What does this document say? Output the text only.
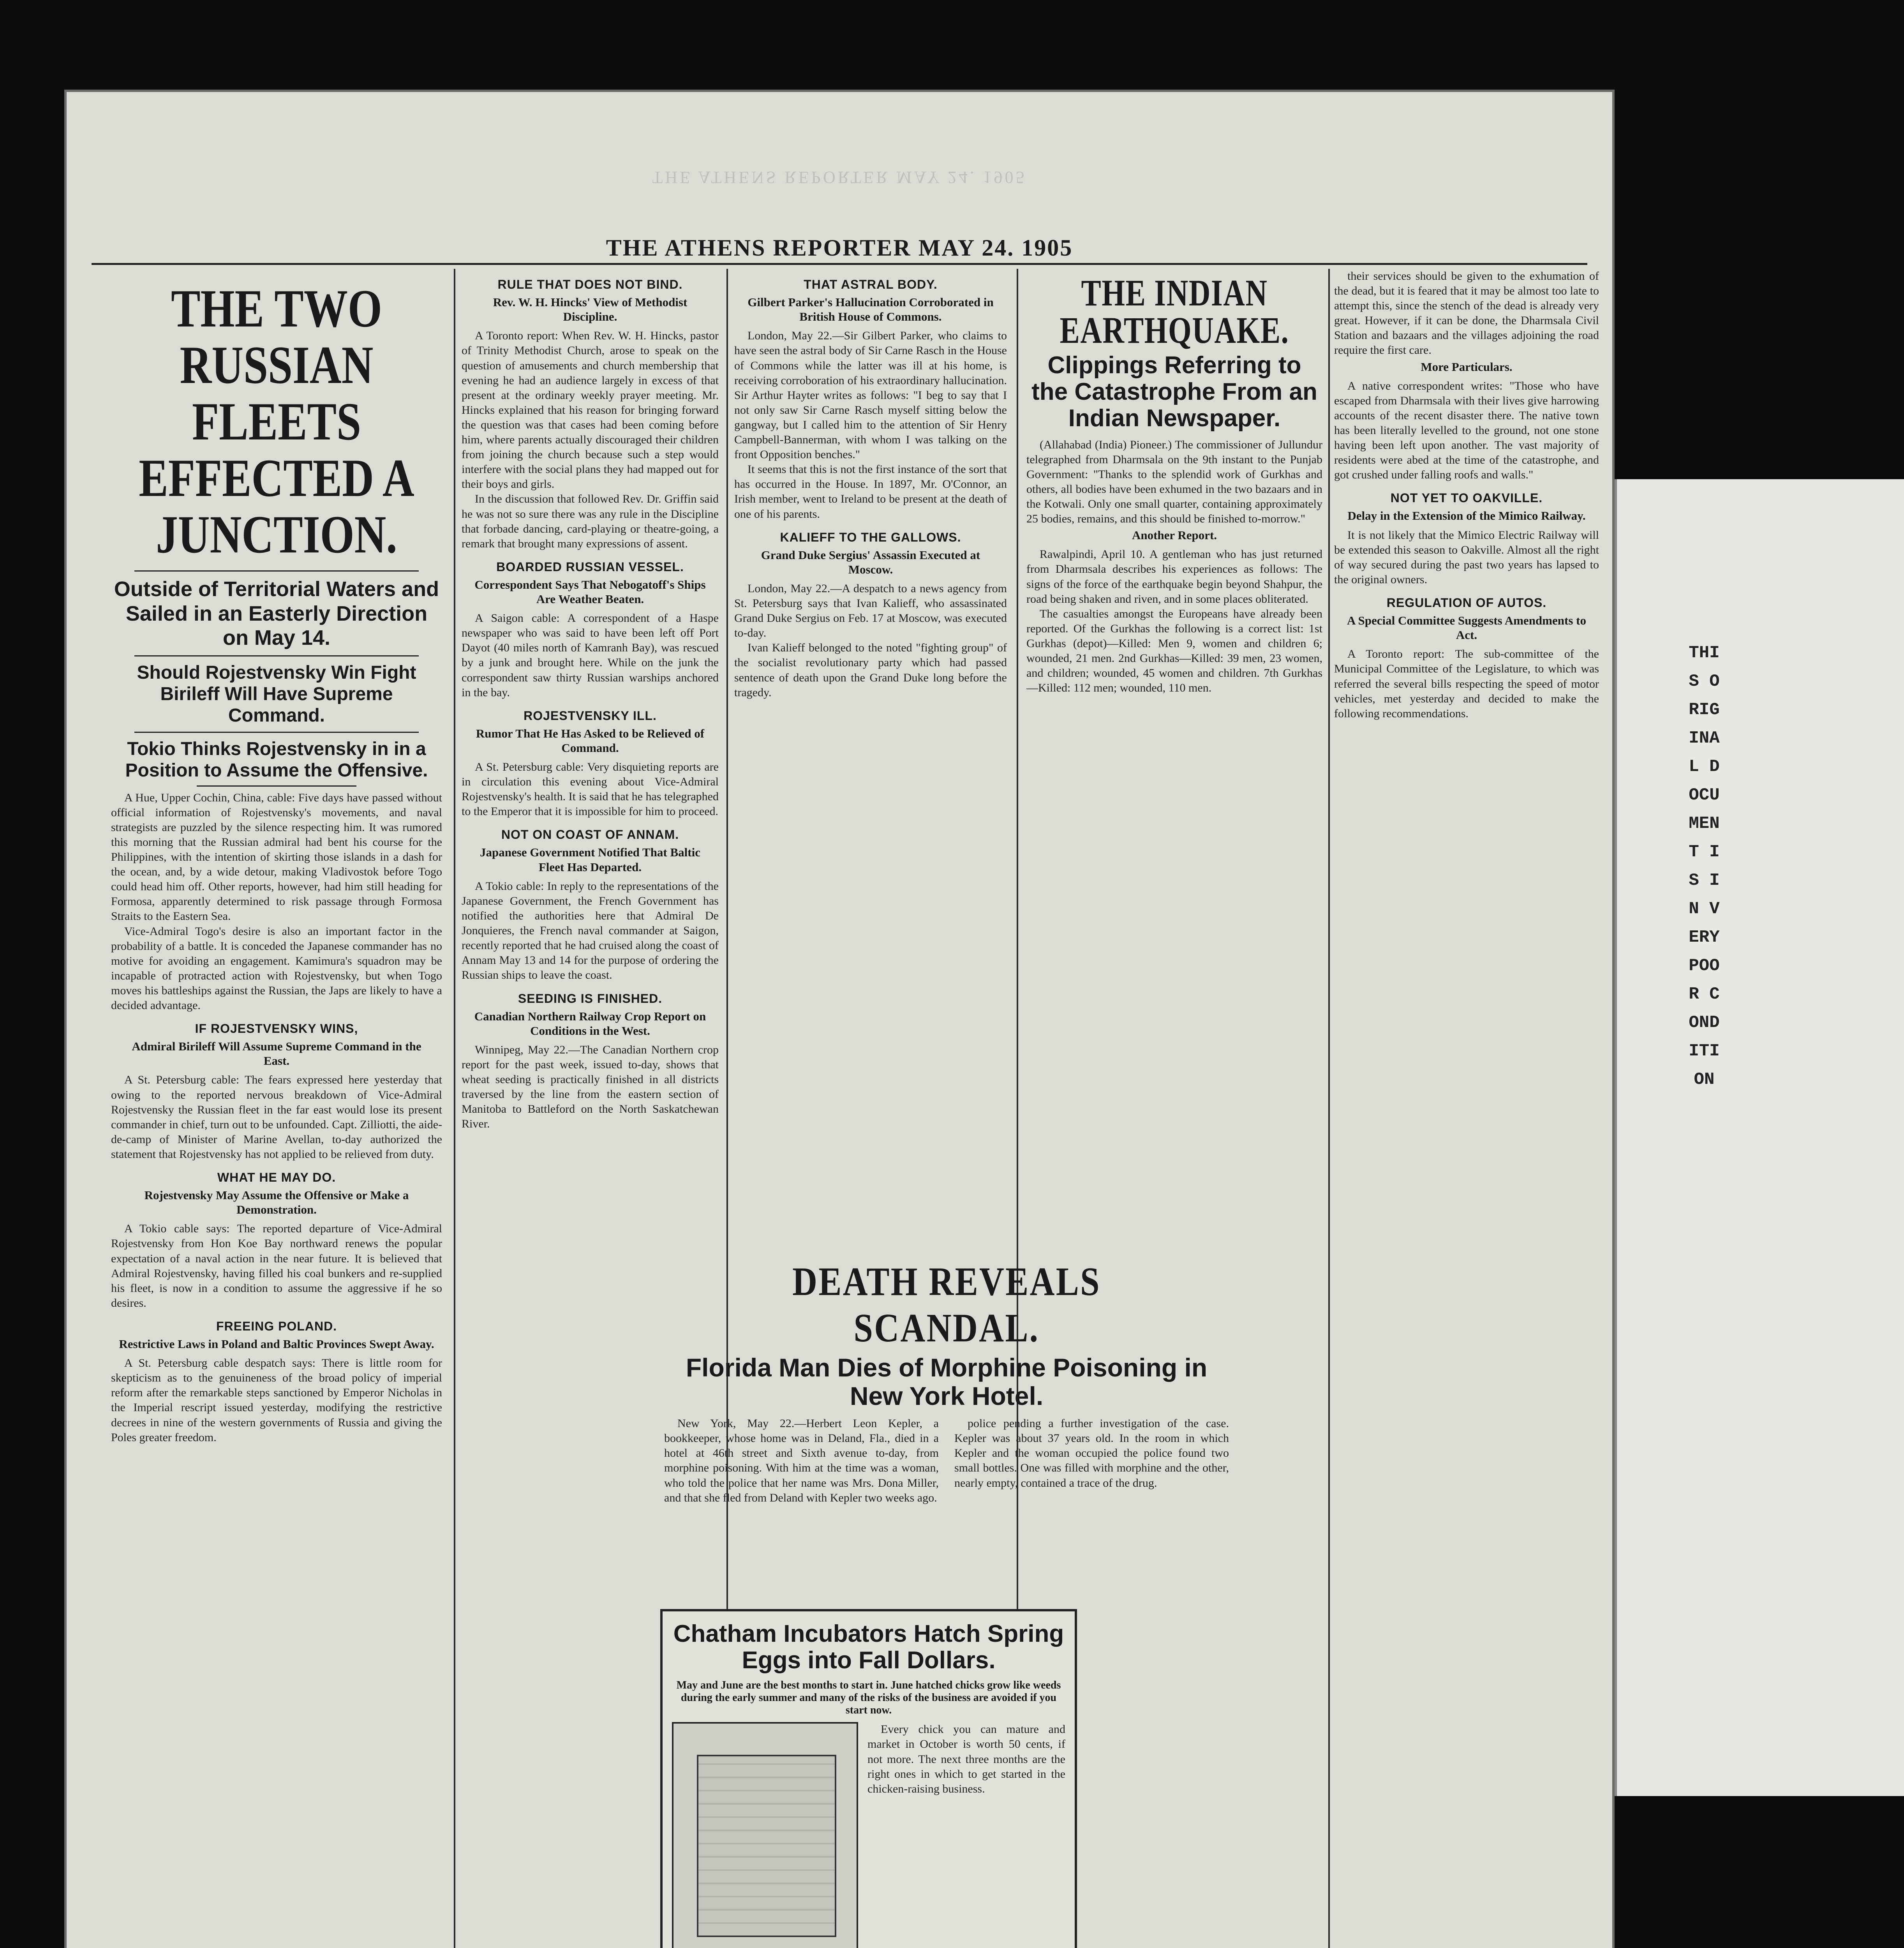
THE ATHENS REPORTER MAY 24. 1905
THE ATHENS REPORTER MAY 24. 1905
THE TWO RUSSIAN FLEETS EFFECTED A JUNCTION.
Outside of Territorial Waters and Sailed in an Easterly Direction on May 14.
Should Rojestvensky Win Fight Birileff Will Have Supreme Command.
Tokio Thinks Rojestvensky in in a Position to Assume the Offensive.

A Hue, Upper Cochin, China, cable: Five days have passed without official information of Rojestvensky's movements, and naval strategists are puzzled by the silence respecting him. It was rumored this morning that the Russian admiral had bent his course for the Philippines, with the intention of skirting those islands in a dash for the ocean, and, by a wide detour, making Vladivostok before Togo could head him off. Other reports, however, had him still heading for Formosa, apparently determined to risk passage through Formosa Straits to the Eastern Sea.

Vice-Admiral Togo's desire is also an important factor in the probability of a battle. It is conceded the Japanese commander has no motive for avoiding an engagement. Kamimura's squadron may be incapable of protracted action with Rojestvensky, but when Togo moves his battleships against the Russian, the Japs are likely to have a decided advantage.

IF ROJESTVENSKY WINS,
Admiral Birileff Will Assume Supreme Command in the East.

A St. Petersburg cable: The fears expressed here yesterday that owing to the reported nervous breakdown of Vice-Admiral Rojestvensky the Russian fleet in the far east would lose its present commander in chief, turn out to be unfounded. Capt. Zilliotti, the aide-de-camp of Minister of Marine Avellan, to-day authorized the statement that Rojestvensky has not applied to be relieved from duty.

WHAT HE MAY DO.
Rojestvensky May Assume the Offensive or Make a Demonstration.

A Tokio cable says: The reported departure of Vice-Admiral Rojestvensky from Hon Koe Bay northward renews the popular expectation of a naval action in the near future. It is believed that Admiral Rojestvensky, having filled his coal bunkers and re-supplied his fleet, is now in a condition to assume the aggressive if he so desires.

FREEING POLAND.
Restrictive Laws in Poland and Baltic Provinces Swept Away.

A St. Petersburg cable despatch says: There is little room for skepticism as to the genuineness of the broad policy of imperial reform after the remarkable steps sanctioned by Emperor Nicholas in the Imperial rescript issued yesterday, modifying the restrictive decrees in nine of the western governments of Russia and giving the Poles greater freedom.

RULE THAT DOES NOT BIND.
Rev. W. H. Hincks' View of Methodist Discipline.

A Toronto report: When Rev. W. H. Hincks, pastor of Trinity Methodist Church, arose to speak on the question of amusements and church membership that evening he had an audience largely in excess of that present at the ordinary weekly prayer meeting. Mr. Hincks explained that his reason for bringing forward the question was that cases had been coming before him, where parents actually discouraged their children from joining the church because such a step would interfere with the social plans they had mapped out for their boys and girls.

In the discussion that followed Rev. Dr. Griffin said he was not so sure there was any rule in the Discipline that forbade dancing, card-playing or theatre-going, a remark that brought many expressions of assent.

BOARDED RUSSIAN VESSEL.
Correspondent Says That Nebogatoff's Ships Are Weather Beaten.

A Saigon cable: A correspondent of a Haspe newspaper who was said to have been left off Port Dayot (40 miles north of Kamranh Bay), was rescued by a junk and brought here. While on the junk the correspondent saw thirty Russian warships anchored in the bay.

ROJESTVENSKY ILL.
Rumor That He Has Asked to be Relieved of Command.

A St. Petersburg cable: Very disquieting reports are in circulation this evening about Vice-Admiral Rojestvensky's health. It is said that he has telegraphed to the Emperor that it is impossible for him to proceed.

NOT ON COAST OF ANNAM.
Japanese Government Notified That Baltic Fleet Has Departed.

A Tokio cable: In reply to the representations of the Japanese Government, the French Government has notified the authorities here that Admiral De Jonquieres, the French naval commander at Saigon, recently reported that he had cruised along the coast of Annam May 13 and 14 for the purpose of ordering the Russian ships to leave the coast.

SEEDING IS FINISHED.
Canadian Northern Railway Crop Report on Conditions in the West.

Winnipeg, May 22.—The Canadian Northern crop report for the past week, issued to-day, shows that wheat seeding is practically finished in all districts traversed by the line from the eastern section of Manitoba to Battleford on the North Saskatchewan River.

THAT ASTRAL BODY.
Gilbert Parker's Hallucination Corroborated in British House of Commons.

London, May 22.—Sir Gilbert Parker, who claims to have seen the astral body of Sir Carne Rasch in the House of Commons while the latter was ill at his home, is receiving corroboration of his extraordinary hallucination. Sir Arthur Hayter writes as follows: "I beg to say that I not only saw Sir Carne Rasch myself sitting below the gangway, but I called him to the attention of Sir Henry Campbell-Bannerman, with whom I was talking on the front Opposition benches."

It seems that this is not the first instance of the sort that has occurred in the House. In 1897, Mr. O'Connor, an Irish member, went to Ireland to be present at the death of one of his parents.

KALIEFF TO THE GALLOWS.
Grand Duke Sergius' Assassin Executed at Moscow.

London, May 22.—A despatch to a news agency from St. Petersburg says that Ivan Kalieff, who assassinated Grand Duke Sergius on Feb. 17 at Moscow, was executed to-day.

Ivan Kalieff belonged to the noted "fighting group" of the socialist revolutionary party which had passed sentence of death upon the Grand Duke long before the tragedy.

THE INDIAN EARTHQUAKE.
Clippings Referring to the Catastrophe From an Indian Newspaper.

(Allahabad (India) Pioneer.) The commissioner of Jullundur telegraphed from Dharmsala on the 9th instant to the Punjab Government: "Thanks to the splendid work of Gurkhas and others, all bodies have been exhumed in the two bazaars and in the Kotwali. Only one small quarter, containing approximately 25 bodies, remains, and this should be finished to-morrow."

Another Report.

Rawalpindi, April 10. A gentleman who has just returned from Dharmsala describes his experiences as follows: The signs of the force of the earthquake begin beyond Shahpur, the road being shaken and riven, and in some places obliterated.

The casualties amongst the Europeans have already been reported. Of the Gurkhas the following is a correct list: 1st Gurkhas (depot)—Killed: Men 9, women and children 6; wounded, 21 men. 2nd Gurkhas—Killed: 39 men, 23 women, and children; wounded, 45 women and children. 7th Gurkhas—Killed: 112 men; wounded, 110 men.

their services should be given to the exhumation of the dead, but it is feared that it may be almost too late to attempt this, since the stench of the dead is already very great. However, if it can be done, the Dharmsala Civil Station and bazaars and the villages adjoining the road require the first care.

More Particulars.

A native correspondent writes: "Those who have escaped from Dharmsala with their lives give harrowing accounts of the recent disaster there. The native town has been literally levelled to the ground, not one stone having been left upon another. The vast majority of residents were abed at the time of the catastrophe, and got crushed under falling roofs and walls."

NOT YET TO OAKVILLE.
Delay in the Extension of the Mimico Railway.

It is not likely that the Mimico Electric Railway will be extended this season to Oakville. Almost all the right of way secured during the past two years has lapsed to the original owners.

REGULATION OF AUTOS.
A Special Committee Suggests Amendments to Act.

A Toronto report: The sub-committee of the Municipal Committee of the Legislature, to which was referred the several bills respecting the speed of motor vehicles, met yesterday and decided to make the following recommendations.

DEATH REVEALS SCANDAL.
Florida Man Dies of Morphine Poisoning in New York Hotel.

New York, May 22.—Herbert Leon Kepler, a bookkeeper, whose home was in Deland, Fla., died in a hotel at 46th street and Sixth avenue to-day, from morphine poisoning. With him at the time was a woman, who told the police that her name was Mrs. Dona Miller, and that she fled from Deland with Kepler two weeks ago.

police pending a further investigation of the case. Kepler was about 37 years old. In the room in which Kepler and the woman occupied the police found two small bottles. One was filled with morphine and the other, nearly empty, contained a trace of the drug.

Chatham Incubators Hatch Spring Eggs into Fall Dollars.
May and June are the best months to start in. June hatched chicks grow like weeds during the early summer and many of the risks of the business are avoided if you start now.

Every chick you can mature and market in October is worth 50 cents, if not more. The next three months are the right ones in which to get started in the chicken-raising business.

THIS ORIGINAL DOCUMENT IS IN VERY POOR CONDITION
